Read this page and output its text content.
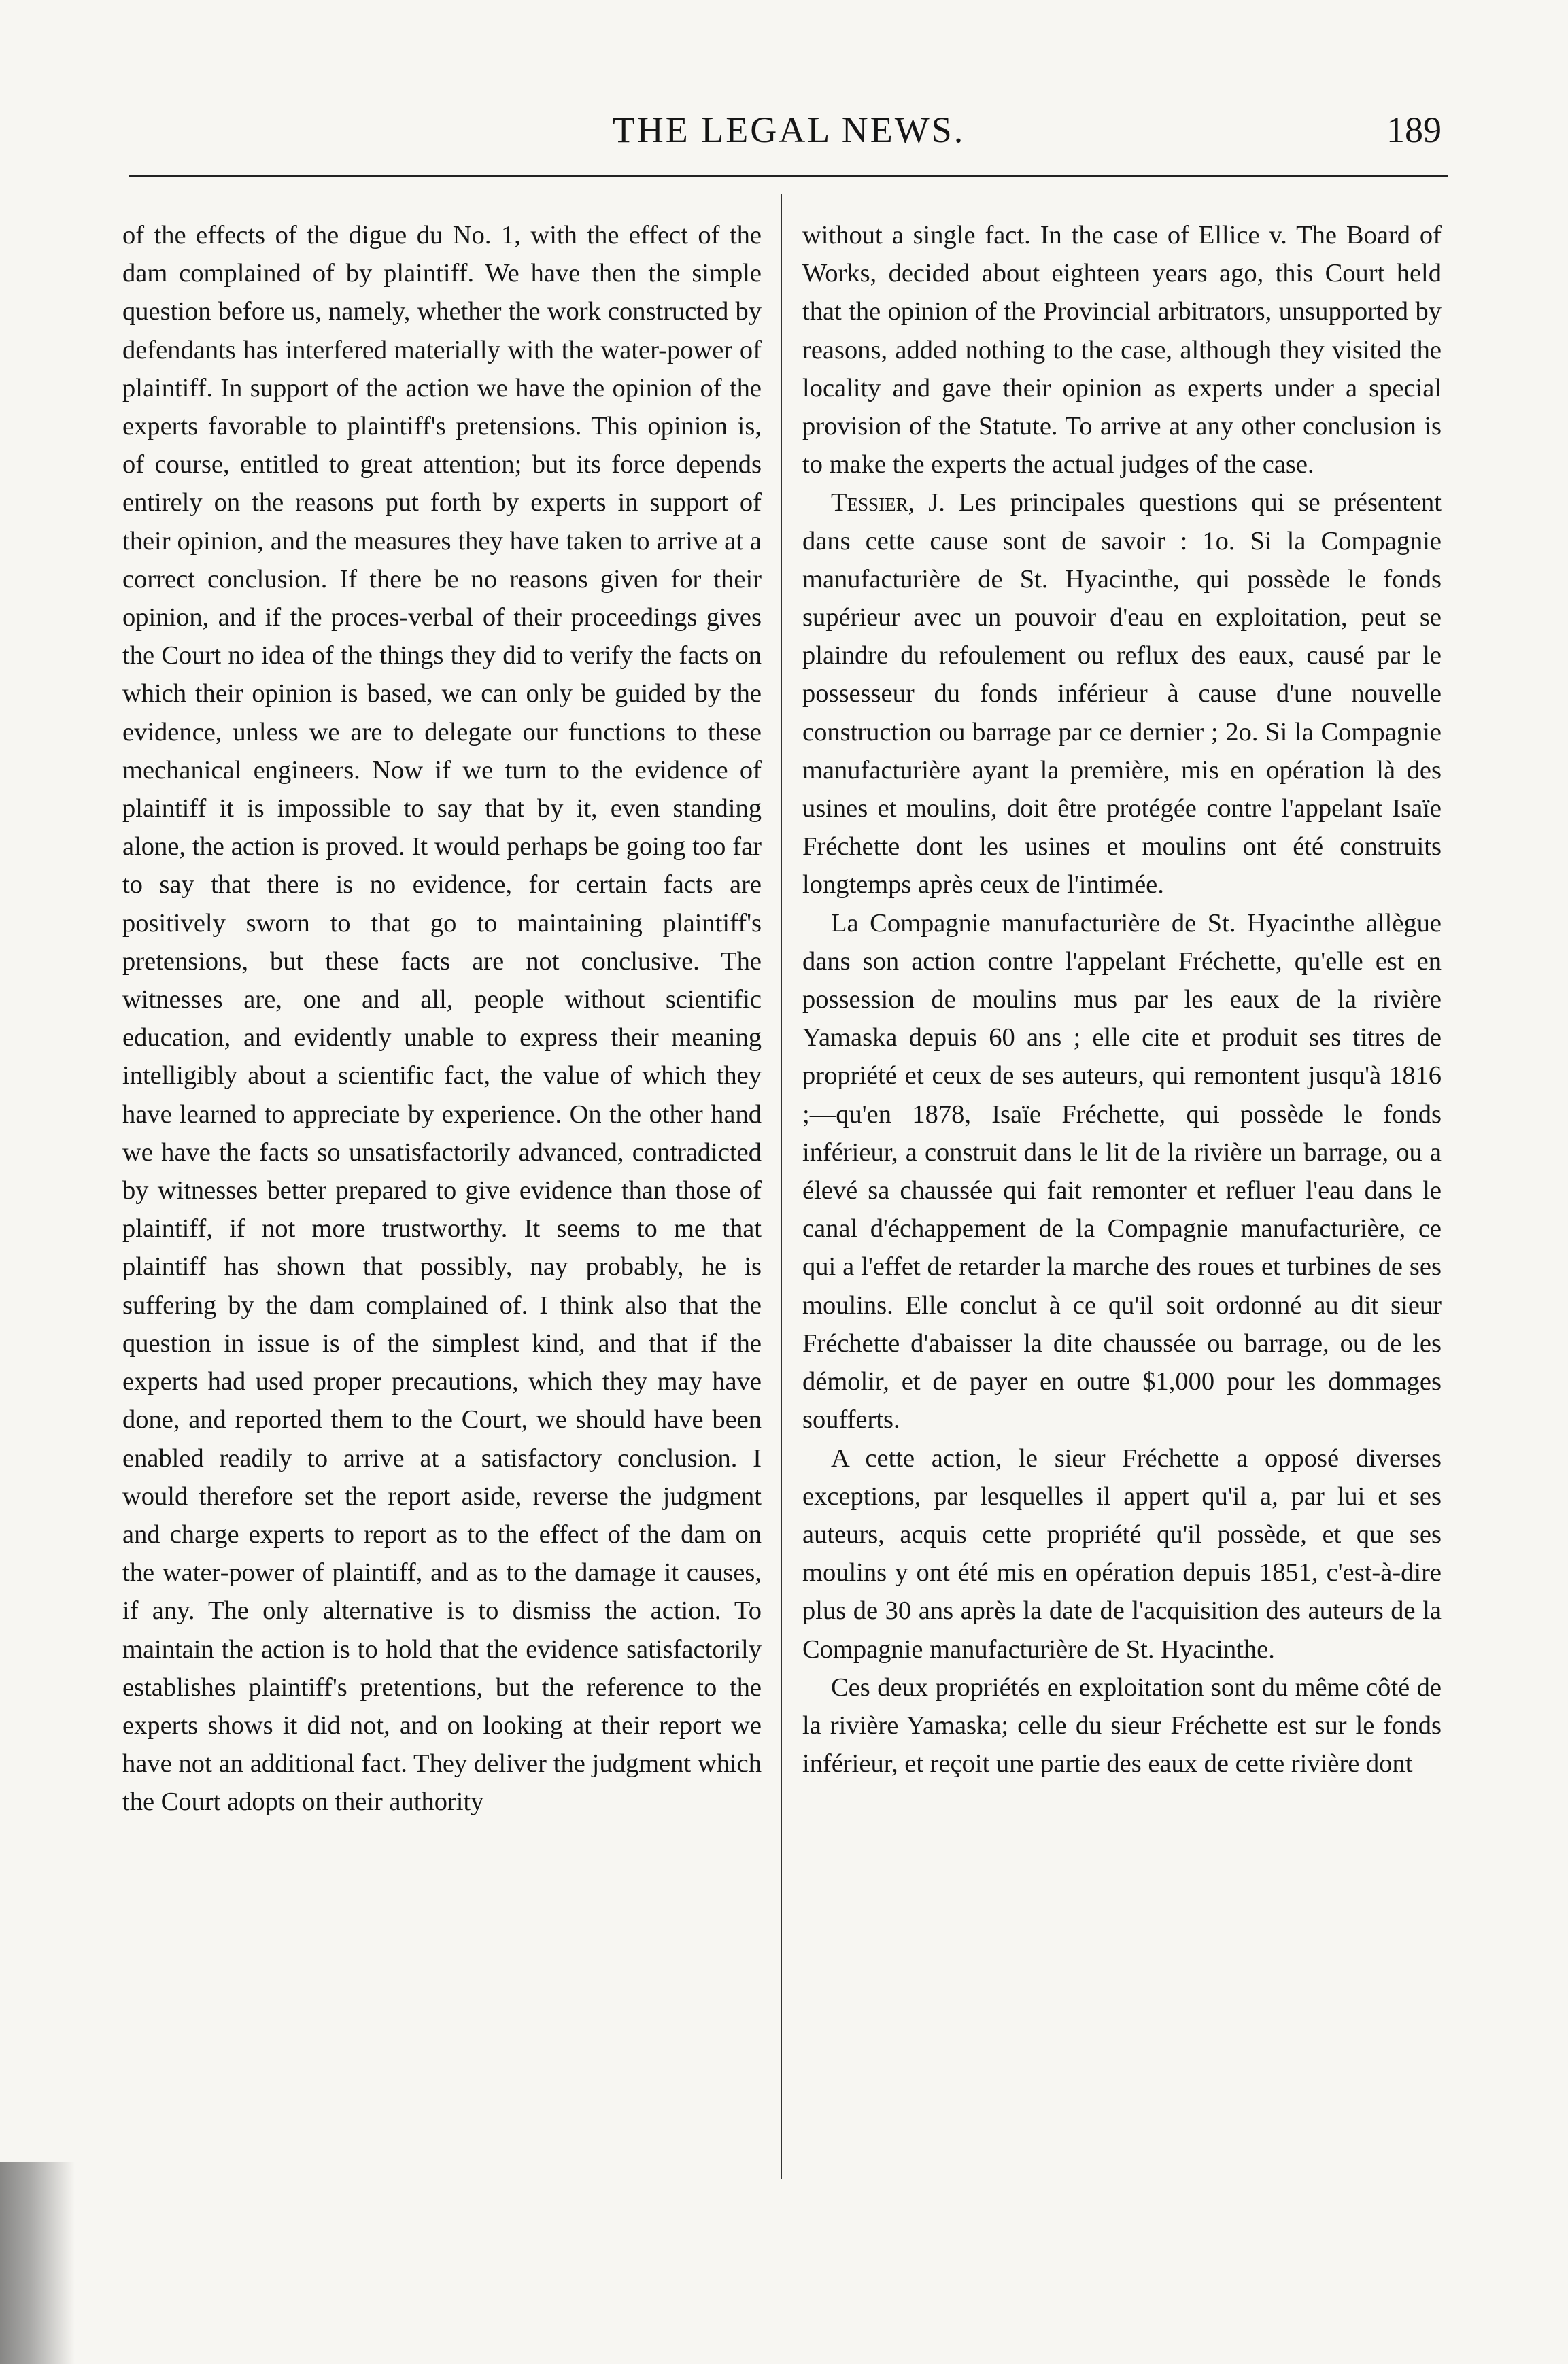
THE LEGAL NEWS.	189

of the effects of the digue du No. 1, with the effect of the dam complained of by plaintiff. We have then the simple question before us, namely, whether the work constructed by defendants has interfered materially with the water-power of plaintiff. In support of the action we have the opinion of the experts favorable to plaintiff's pretensions. This opinion is, of course, entitled to great attention; but its force depends entirely on the reasons put forth by experts in support of their opinion, and the measures they have taken to arrive at a correct conclusion. If there be no reasons given for their opinion, and if the proces-verbal of their proceedings gives the Court no idea of the things they did to verify the facts on which their opinion is based, we can only be guided by the evidence, unless we are to delegate our functions to these mechanical engineers. Now if we turn to the evidence of plaintiff it is impossible to say that by it, even standing alone, the action is proved. It would perhaps be going too far to say that there is no evidence, for certain facts are positively sworn to that go to maintaining plaintiff's pretensions, but these facts are not conclusive. The witnesses are, one and all, people without scientific education, and evidently unable to express their meaning intelligibly about a scientific fact, the value of which they have learned to appreciate by experience. On the other hand we have the facts so unsatisfactorily advanced, contradicted by witnesses better prepared to give evidence than those of plaintiff, if not more trustworthy. It seems to me that plaintiff has shown that possibly, nay probably, he is suffering by the dam complained of. I think also that the question in issue is of the simplest kind, and that if the experts had used proper precautions, which they may have done, and reported them to the Court, we should have been enabled readily to arrive at a satisfactory conclusion. I would therefore set the report aside, reverse the judgment and charge experts to report as to the effect of the dam on the water-power of plaintiff, and as to the damage it causes, if any. The only alternative is to dismiss the action. To maintain the action is to hold that the evidence satisfactorily establishes plaintiff's pretentions, but the reference to the experts shows it did not, and on looking at their report we have not an additional fact. They deliver the judgment which the Court adopts on their authority

without a single fact. In the case of Ellice v. The Board of Works, decided about eighteen years ago, this Court held that the opinion of the Provincial arbitrators, unsupported by reasons, added nothing to the case, although they visited the locality and gave their opinion as experts under a special provision of the Statute. To arrive at any other conclusion is to make the experts the actual judges of the case.

Tessier, J. Les principales questions qui se présentent dans cette cause sont de savoir : 1o. Si la Compagnie manufacturière de St. Hyacinthe, qui possède le fonds supérieur avec un pouvoir d'eau en exploitation, peut se plaindre du refoulement ou reflux des eaux, causé par le possesseur du fonds inférieur à cause d'une nouvelle construction ou barrage par ce dernier ; 2o. Si la Compagnie manufacturière ayant la première, mis en opération là des usines et moulins, doit être protégée contre l'appelant Isaïe Fréchette dont les usines et moulins ont été construits longtemps après ceux de l'intimée.

La Compagnie manufacturière de St. Hyacinthe allègue dans son action contre l'appelant Fréchette, qu'elle est en possession de moulins mus par les eaux de la rivière Yamaska depuis 60 ans ; elle cite et produit ses titres de propriété et ceux de ses auteurs, qui remontent jusqu'à 1816 ;—qu'en 1878, Isaïe Fréchette, qui possède le fonds inférieur, a construit dans le lit de la rivière un barrage, ou a élevé sa chaussée qui fait remonter et refluer l'eau dans le canal d'échappement de la Compagnie manufacturière, ce qui a l'effet de retarder la marche des roues et turbines de ses moulins. Elle conclut à ce qu'il soit ordonné au dit sieur Fréchette d'abaisser la dite chaussée ou barrage, ou de les démolir, et de payer en outre $1,000 pour les dommages soufferts.

A cette action, le sieur Fréchette a opposé diverses exceptions, par lesquelles il appert qu'il a, par lui et ses auteurs, acquis cette propriété qu'il possède, et que ses moulins y ont été mis en opération depuis 1851, c'est-à-dire plus de 30 ans après la date de l'acquisition des auteurs de la Compagnie manufacturière de St. Hyacinthe.

Ces deux propriétés en exploitation sont du même côté de la rivière Yamaska; celle du sieur Fréchette est sur le fonds inférieur, et reçoit une partie des eaux de cette rivière dont
